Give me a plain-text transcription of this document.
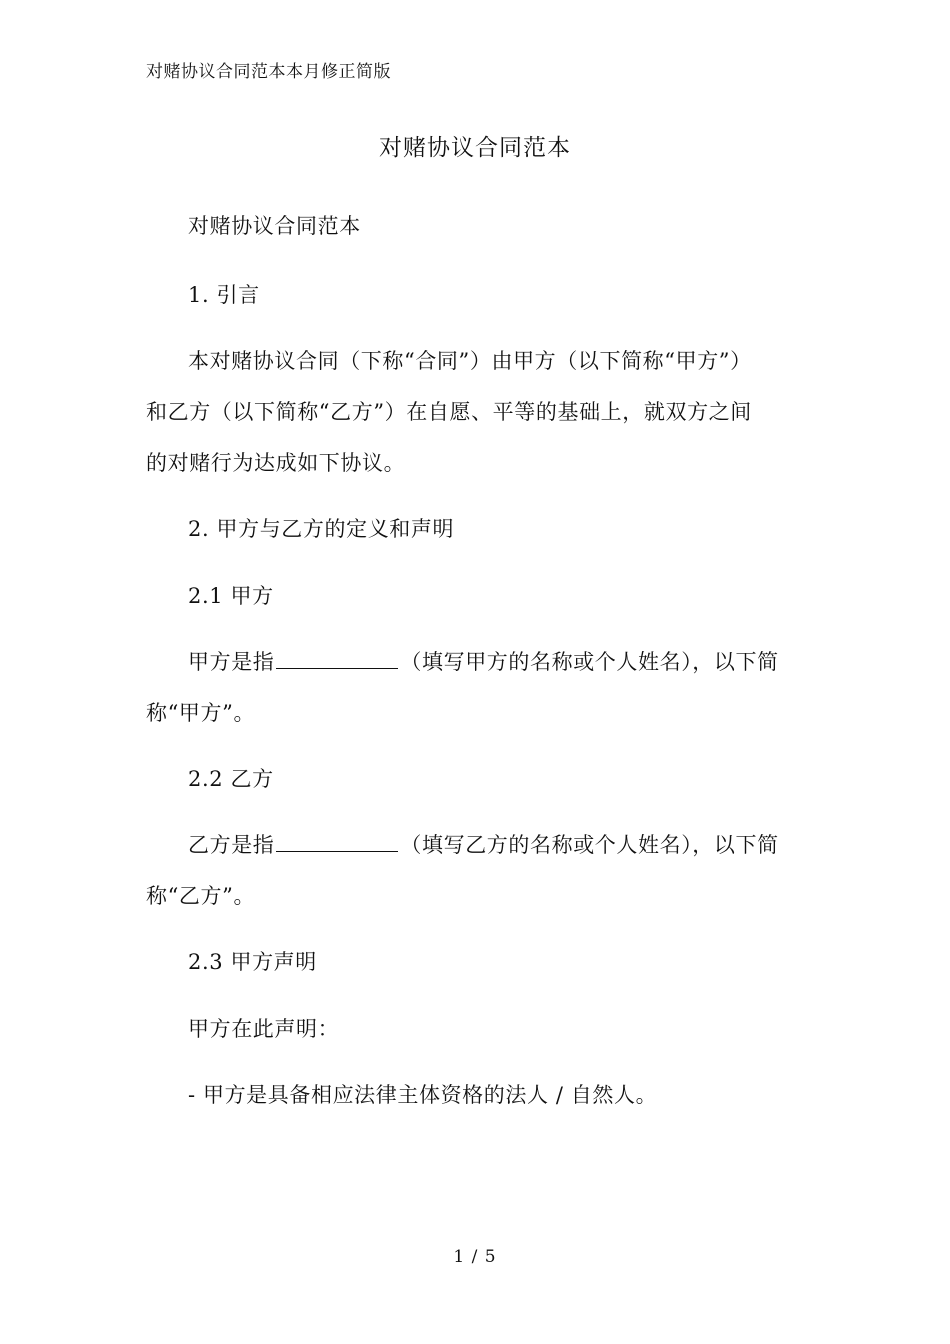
对赌协议合同范本本月修正简版
对赌协议合同范本
对赌协议合同范本
1. 引言
本对赌协议合同（下称“合同”）由甲方（以下简称“甲方”）
和乙方（以下简称“乙方”）在自愿、平等的基础上，就双方之间
的对赌行为达成如下协议。
2. 甲方与乙方的定义和声明
2.1 甲方
甲方是指	（填写甲方的名称或个人姓名），以下简
称“甲方”。
2.2 乙方
乙方是指	（填写乙方的名称或个人姓名），以下简
称“乙方”。
2.3 甲方声明
甲方在此声明：
- 甲方是具备相应法律主体资格的法人 / 自然人。
1 / 5
